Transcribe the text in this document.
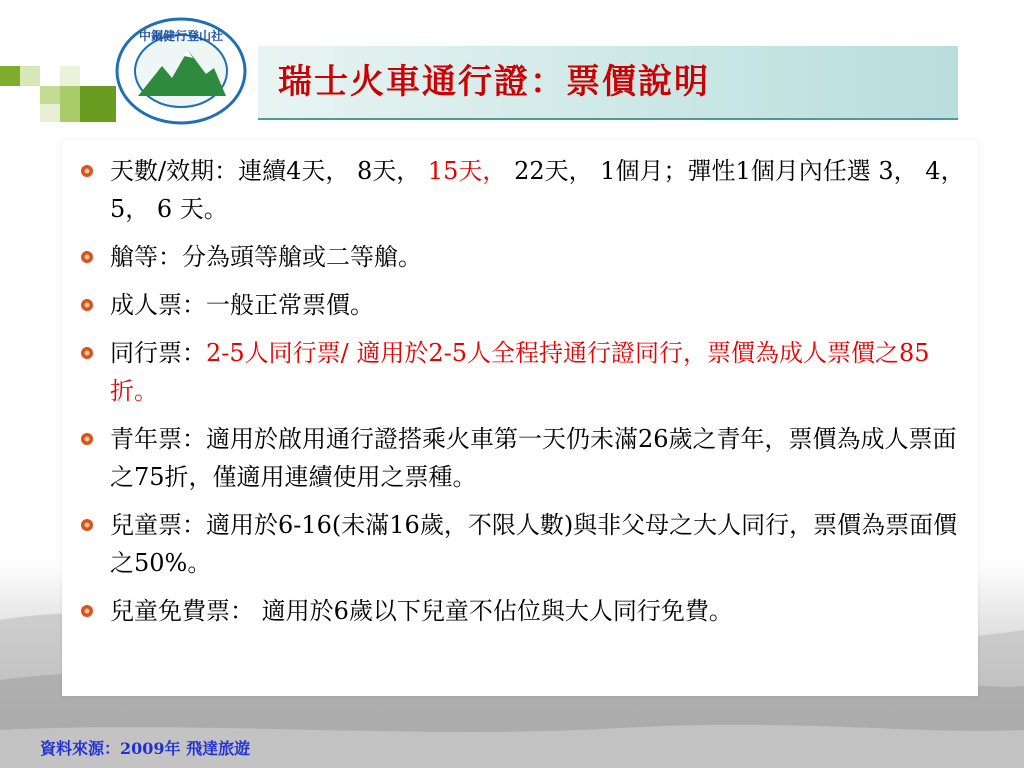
瑞士火車通行證：票價說明
中鋼健行登山社
天數/效期：連續4天， 8天， 15天， 22天， 1個月；彈性1個月內任選 3， 4， 5， 6 天。
艙等：分為頭等艙或二等艙。
成人票：一般正常票價。
同行票：2-5人同行票/ 適用於2-5人全程持通行證同行，票價為成人票價之85折。
青年票：適用於啟用通行證搭乘火車第一天仍未滿26歲之青年，票價為成人票面之75折，僅適用連續使用之票種。
兒童票：適用於6-16(未滿16歲，不限人數)與非父母之大人同行，票價為票面價之50%。
兒童免費票： 適用於6歲以下兒童不佔位與大人同行免費。
資料來源：2009年 飛達旅遊
